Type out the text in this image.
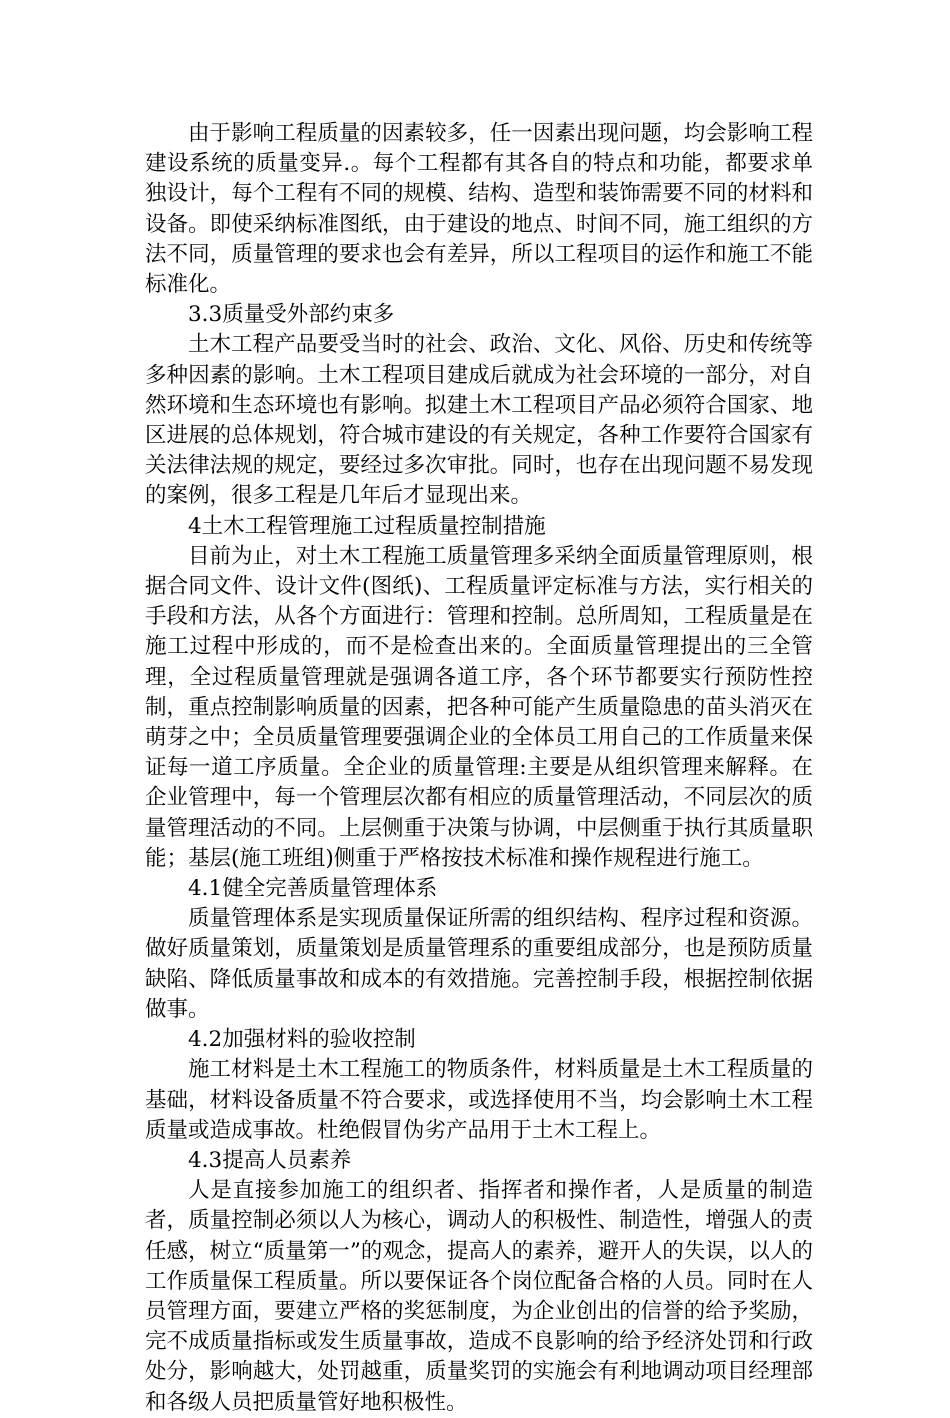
由于影响工程质量的因素较多，任一因素出现问题，均会影响工程建设系统的质量变异.。每个工程都有其各自的特点和功能，都要求单独设计，每个工程有不同的规模、结构、造型和装饰需要不同的材料和设备。即使采纳标准图纸，由于建设的地点、时间不同，施工组织的方法不同，质量管理的要求也会有差异，所以工程项目的运作和施工不能标准化。

3.3质量受外部约束多

土木工程产品要受当时的社会、政治、文化、风俗、历史和传统等多种因素的影响。土木工程项目建成后就成为社会环境的一部分，对自然环境和生态环境也有影响。拟建土木工程项目产品必须符合国家、地区进展的总体规划，符合城市建设的有关规定，各种工作要符合国家有关法律法规的规定，要经过多次审批。同时，也存在出现问题不易发现的案例，很多工程是几年后才显现出来。

4土木工程管理施工过程质量控制措施

目前为止，对土木工程施工质量管理多采纳全面质量管理原则，根据合同文件、设计文件(图纸)、工程质量评定标准与方法，实行相关的手段和方法，从各个方面进行：管理和控制。总所周知，工程质量是在施工过程中形成的，而不是检查出来的。全面质量管理提出的三全管理，全过程质量管理就是强调各道工序，各个环节都要实行预防性控制，重点控制影响质量的因素，把各种可能产生质量隐患的苗头消灭在萌芽之中；全员质量管理要强调企业的全体员工用自己的工作质量来保证每一道工序质量。全企业的质量管理:主要是从组织管理来解释。在企业管理中，每一个管理层次都有相应的质量管理活动，不同层次的质量管理活动的不同。上层侧重于决策与协调，中层侧重于执行其质量职能；基层(施工班组)侧重于严格按技术标准和操作规程进行施工。

4.1健全完善质量管理体系

质量管理体系是实现质量保证所需的组织结构、程序过程和资源。做好质量策划，质量策划是质量管理系的重要组成部分，也是预防质量缺陷、降低质量事故和成本的有效措施。完善控制手段，根据控制依据做事。

4.2加强材料的验收控制

施工材料是土木工程施工的物质条件，材料质量是土木工程质量的基础，材料设备质量不符合要求，或选择使用不当，均会影响土木工程质量或造成事故。杜绝假冒伪劣产品用于土木工程上。

4.3提高人员素养

人是直接参加施工的组织者、指挥者和操作者，人是质量的制造者，质量控制必须以人为核心，调动人的积极性、制造性，增强人的责任感，树立“质量第一”的观念，提高人的素养，避开人的失误，以人的工作质量保工程质量。所以要保证各个岗位配备合格的人员。同时在人员管理方面，要建立严格的奖惩制度，为企业创出的信誉的给予奖励，完不成质量指标或发生质量事故，造成不良影响的给予经济处罚和行政处分，影响越大，处罚越重，质量奖罚的实施会有利地调动项目经理部和各级人员把质量管好地积极性。
